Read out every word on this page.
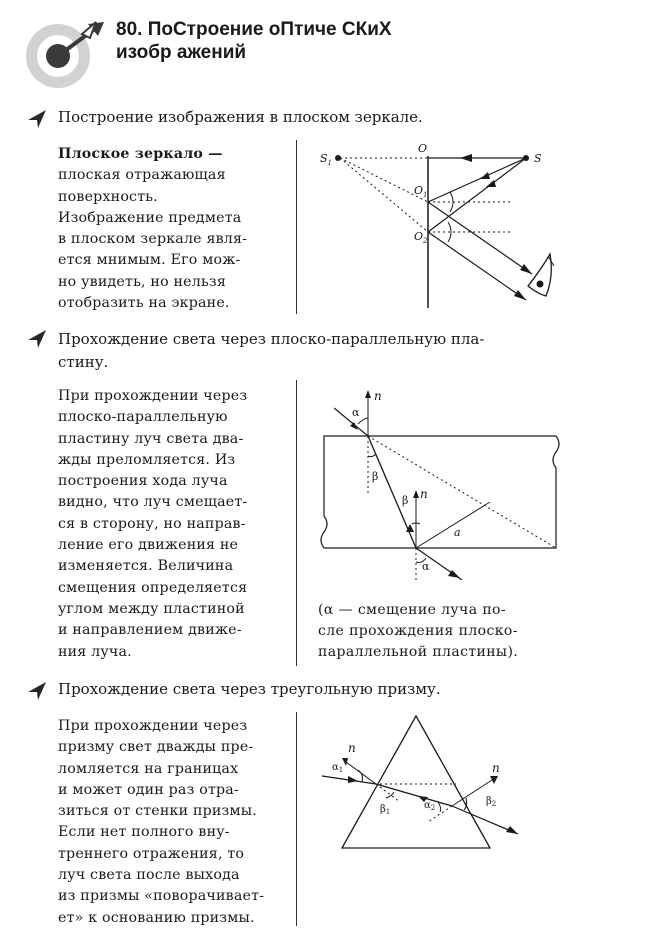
80. ПоСтроение оПтиче СКиХ
изобр ажений
Построение изображения в плоском зеркале.
Плоское зеркало —
плоская отражающая
поверхность.
Изображение предмета
в плоском зеркале явля-
ется мнимым. Его мож-
но увидеть, но нельзя
отобразить на экране.
$S_1$	S
O
$O_1$
$O_2$
Прохождение света через плоско-параллельную пла-
стину.
При прохождении через
плоско-параллельную
пластину луч света два-
жды преломляется. Из
построения хода луча
видно, что луч смещает-
ся в сторону, но направ-
ление его движения не
изменяется. Величина
смещения определяется
углом между пластиной
и направлением движе-
ния луча.
n
α
β
β n
a
α
(α — смещение луча по-
сле прохождения плоско-
параллельной пластины).
Прохождение света через треугольную призму.
При прохождении через
призму свет дважды пре-
ломляется на границах
и может один раз отра-
зиться от стенки призмы.
Если нет полного вну-
треннего отражения, то
луч света после выхода
из призмы «поворачивает-
ет» к основанию призмы.
n
$\alpha_1$
$\beta_1$
$\alpha_2$
n
$\beta_2$
